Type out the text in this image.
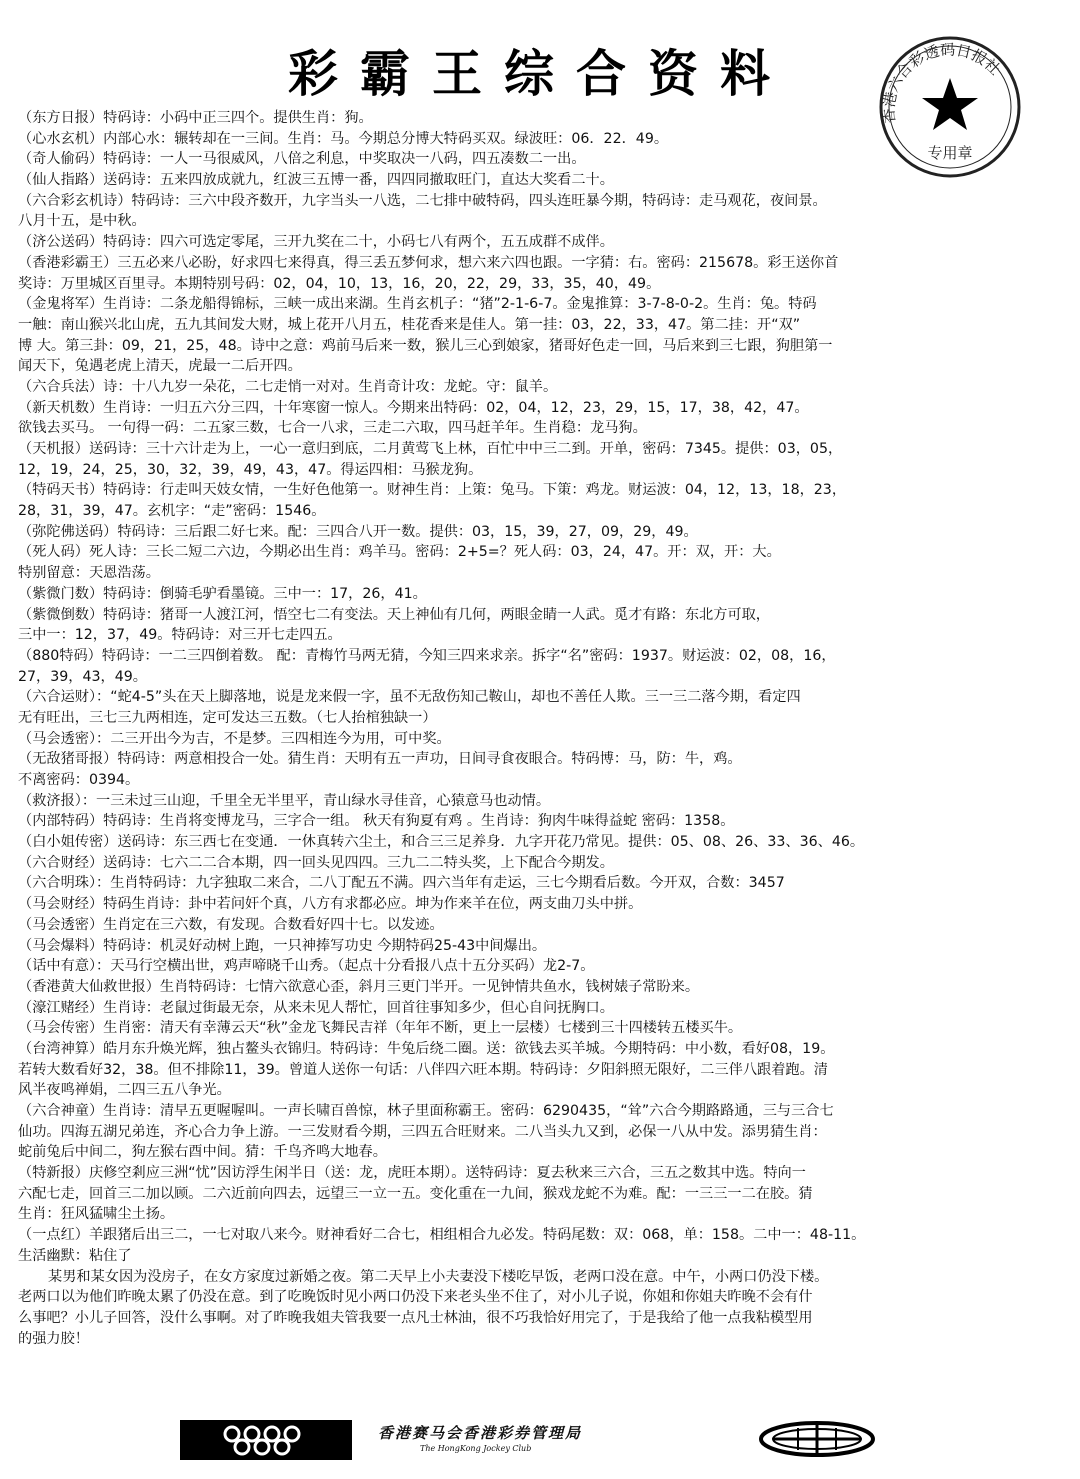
彩霸王综合资料
香港六合彩透码日报社
专用章
（东方日报）特码诗：小码中正三四个。提供生肖：狗。
（心水玄机）内部心水：辗转却在一三间。生肖：马。今期总分博大特码买双。绿波旺：06．22．49。
（奇人偷码）特码诗：一人一马很威风，八倍之利息，中奖取决一八码，四五凑数二一出。
（仙人指路）送码诗：五来四放成就九，红波三五博一番，四四同撤取旺门，直达大奖看二十。
（六合彩玄机诗）特码诗：三六中段齐数开，九字当头一八选，二七排中破特码，四头连旺暴今期，特码诗：走马观花，夜间景。
八月十五，是中秋。
（济公送码）特码诗：四六可选定零尾，三开九奖在二十，小码七八有两个，五五成群不成伴。
（香港彩霸王）三五必来八必盼，好求四七来得真，得三丢五梦何求，想六来六四也跟。一字猜：右。密码：215678。彩王送你首
奖诗：万里城区百里寻。本期特别号码：02，04，10，13，16，20，22，29，33，35，40，49。
（金鬼将军）生肖诗：二条龙船得锦标，三峡一成出来湖。生肖玄机子：“猪”2-1-6-7。金鬼推算：3-7-8-0-2。生肖：兔。特码
一触：南山猴兴北山虎，五九其间发大财，城上花开八月五，桂花香来是佳人。第一挂：03，22，33，47。第二挂：开“双”
博 大。第三卦：09，21，25，48。诗中之意：鸡前马后来一数，猴儿三心到娘家，猪哥好色走一回，马后来到三七跟，狗胆第一
闻天下，兔遇老虎上清天，虎最一二后开四。
（六合兵法）诗：十八九岁一朵花，二七走悄一对对。生肖奇计攻：龙蛇。守：鼠羊。
（新天机数）生肖诗：一归五六分三四，十年寒窗一惊人。今期来出特码：02，04，12，23，29，15，17，38，42，47。
欲钱去买马。 一句得一码：二五家三数，七合一八求，三走二六取，四马赶羊年。生肖稳：龙马狗。
（天机报）送码诗：三十六计走为上，一心一意归到底，二月黄莺飞上林，百忙中中三二到。开单，密码：7345。提供：03，05，
12，19，24，25，30，32，39，49，43，47。得运四相：马猴龙狗。
（特码天书）特码诗：行走叫天妓女情，一生好色他第一。财神生肖：上策：兔马。下策：鸡龙。财运波：04，12，13，18，23，
28，31，39，47。玄机字：“走”密码：1546。
（弥陀佛送码）特码诗：三后跟二好七来。配：三四合八开一数。提供：03，15，39，27，09，29，49。
（死人码）死人诗：三长二短二六边，今期必出生肖：鸡羊马。密码：2+5=？死人码：03，24，47。开：双，开：大。
特别留意：天恩浩荡。
（紫微门数）特码诗：倒骑毛驴看墨镜。三中一：17，26，41。
（紫微倒数）特码诗：猪哥一人渡江河，悟空七二有变法。天上神仙有几何，两眼金睛一人武。觅才有路：东北方可取，
三中一：12，37，49。特码诗：对三开七走四五。
（880特码）特码诗：一二三四倒着数。 配：青梅竹马两无猜，今知三四来求亲。拆字“名”密码：1937。财运波：02，08，16，
27，39，43，49。
（六合运财）：“蛇4-5”头在天上脚落地，说是龙来假一字，虽不无敌伤知己鞍山，却也不善任人欺。三一三二落今期，看定四
无有旺出，三七三九两相连，定可发达三五数。（七人抬棺独缺一）
（马会透密）：二三开出今为吉，不是梦。三四相连今为用，可中奖。
（无敌猪哥报）特码诗：两意相投合一处。猜生肖：天明有五一声功，日间寻食夜眼合。特码博：马，防：牛，鸡。
不离密码：0394。
（救济报）：一三未过三山迎，千里全无半里平，青山绿水寻佳音，心猿意马也动情。
（内部特码）特码诗：生肖将变博龙马，三字合一组。 秋天有狗夏有鸡 。生肖诗：狗肉牛味得益蛇 密码：1358。
（白小姐传密）送码诗：东三西七在变通．一休真转六尘土，和合三三足养身．九字开花乃常见。提供：05、08、26、33、36、46。
（六合财经）送码诗：七六二二合本期，四一回头见四四。三九二二特头奖，上下配合今期发。
（六合明珠）：生肖特码诗：九字独取二来合，二八丁配五不满。四六当年有走运，三七今期看后数。今开双，合数：3457
（马会财经）特码生肖诗：卦中若问奸个真，八方有求都必应。坤为作来羊在位，两支曲刀头中拼。
（马会透密）生肖定在三六数，有发现。合数看好四十七。以发迹。
（马会爆料）特码诗：机灵好动树上跑，一只神捧写功史 今期特码25-43中间爆出。
（话中有意）：天马行空横出世，鸡声啼晓千山秀。（起点十分看报八点十五分买码）龙2-7。
（香港黄大仙救世报）生肖特码诗：七情六欲意心歪，斜月三更门半开。一见钟情共鱼水，钱树婊子常盼来。
（濠江赌经）生肖诗：老鼠过街最无奈，从来未见人帮忙，回首往事知多少，但心自问抚胸口。
（马会传密）生肖密：清天有幸薄云天“秋”金龙飞舞民吉祥（年年不断，更上一层楼）七楼到三十四楼转五楼买牛。
（台湾神算）皓月东升焕光辉，独占鳌头衣锦归。特码诗：牛兔后绕二圈。送：欲钱去买羊城。今期特码：中小数，看好08，19。
若转大数看好32，38。但不排除11，39。曾道人送你一句话：八伴四六旺本期。特码诗：夕阳斜照无限好，二三伴八跟着跑。清
风半夜鸣禅娟，二四三五八争光。
（六合神童）生肖诗：清早五更喔喔叫。一声长啸百兽惊，林子里面称霸王。密码：6290435，“耸”六合今期路路通，三与三合七
仙功。四海五湖兄弟连，齐心合力争上游。一三发财看今期，三四五合旺财来。二八当头九又到，必保一八从中发。添男猜生肖：
蛇前兔后中间二，狗左猴右酉中间。猜：千鸟齐鸣大地春。
（特新报）庆修空剎应三洲“忧”因访浮生闲半日（送：龙，虎旺本期）。送特码诗：夏去秋来三六合，三五之数其中选。特向一
六配七走，回首三二加以顾。二六近前向四去，远望三一立一五。变化重在一九间，猴戏龙蛇不为难。配：一三三一二在胶。猜
生肖：狂风猛啸尘土扬。
（一点红）羊跟猪后出三二，一七对取八来今。财神看好二合七，相组相合九必发。特码尾数：双：068，单：158。二中一：48-11。
生活幽默：粘住了
某男和某女因为没房子，在女方家度过新婚之夜。第二天早上小夫妻没下楼吃早饭，老两口没在意。中午，小两口仍没下楼。
老两口以为他们昨晚太累了仍没在意。到了吃晚饭时见小两口仍没下来老头坐不住了，对小儿子说，你姐和你姐夫昨晚不会有什
么事吧？小儿子回答，没什么事啊。对了昨晚我姐夫管我要一点凡士林油，很不巧我恰好用完了，于是我给了他一点我粘模型用
的强力胶！
香港赛马会香港彩券管理局
The HongKong Jockey Club
